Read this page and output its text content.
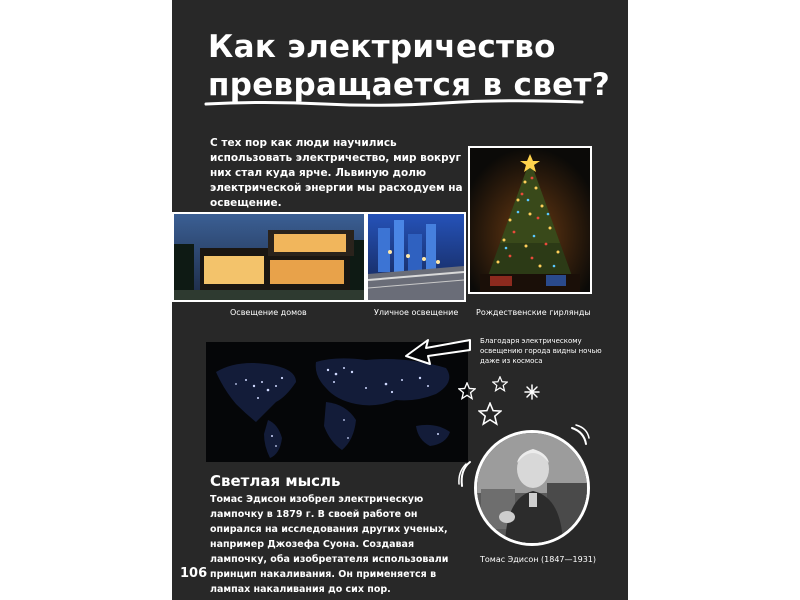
Как электричество
превращается в свет?
С тех пор как люди научились использовать электричество, мир вокруг них стал куда ярче. Львиную долю электрической энергии мы расходуем на освещение.
Освещение домов	Уличное освещение Рождественские гирлянды
Благодаря электрическому освещению города видны ночью даже из космоса
Светлая мысль
Томас Эдисон изобрел электрическую лампочку в 1879 г. В своей работе он опирался на исследования других ученых, например Джозефа Суона. Создавая лампочку, оба изобретателя использовали принцип накаливания. Он применяется в лампах накаливания до сих пор.
Томас Эдисон (1847—1931)
106
